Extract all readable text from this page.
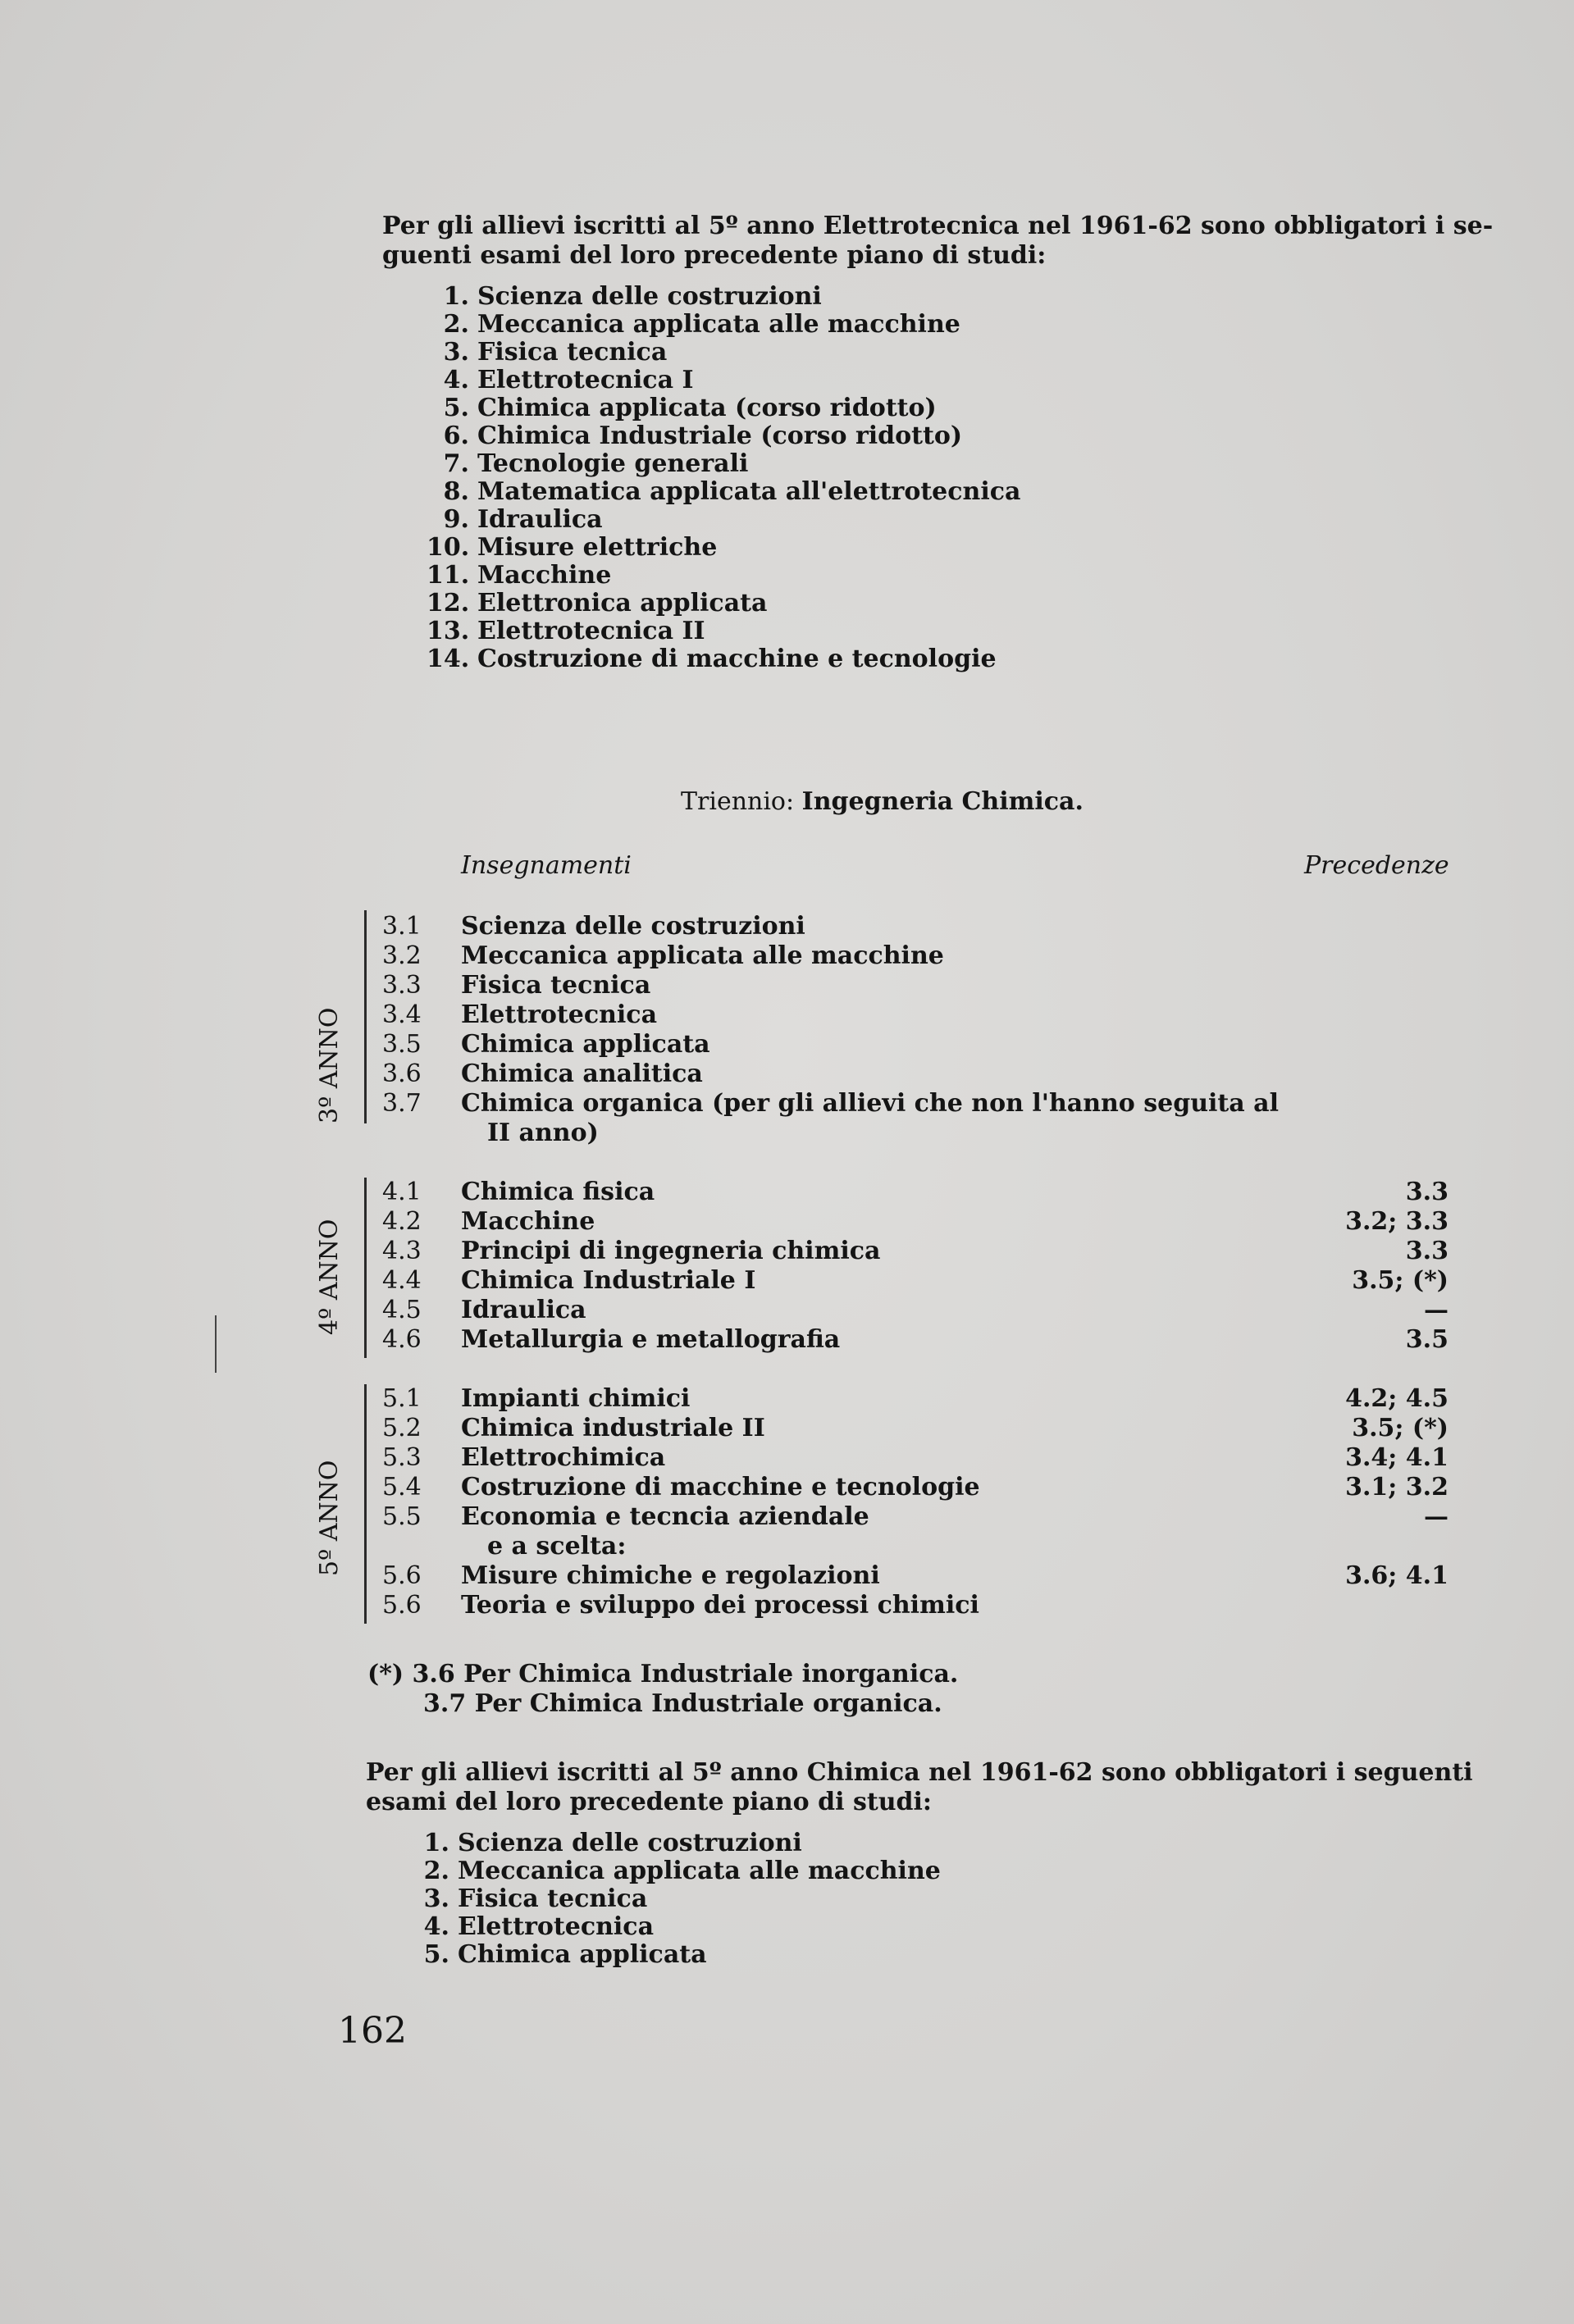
Per gli allievi iscritti al 5º anno Elettrotecnica nel 1961-62 sono obbligatori i se-
guenti esami del loro precedente piano di studi:
1. Scienza delle costruzioni
2. Meccanica applicata alle macchine
3. Fisica tecnica
4. Elettrotecnica I
5. Chimica applicata (corso ridotto)
6. Chimica Industriale (corso ridotto)
7. Tecnologie generali
8. Matematica applicata all'elettrotecnica
9. Idraulica
10. Misure elettriche
11. Macchine
12. Elettronica applicata
13. Elettrotecnica II
14. Costruzione di macchine e tecnologie
Triennio: Ingegneria Chimica.
Insegnamenti	Precedenze
3º ANNO
3.1 Scienza delle costruzioni
3.2 Meccanica applicata alle macchine
3.3 Fisica tecnica
3.4 Elettrotecnica
3.5 Chimica applicata
3.6 Chimica analitica
3.7 Chimica organica (per gli allievi che non l'hanno seguita al
II anno)
4º ANNO
4.1 Chimica fisica	3.3
4.2 Macchine	3.2; 3.3
4.3 Principi di ingegneria chimica	3.3
4.4 Chimica Industriale I	3.5; (*)
4.5 Idraulica	—
4.6 Metallurgia e metallografia	3.5
5º ANNO
5.1 Impianti chimici	4.2; 4.5
5.2 Chimica industriale II	3.5; (*)
5.3 Elettrochimica	3.4; 4.1
5.4 Costruzione di macchine e tecnologie	3.1; 3.2
5.5 Economia e tecncia aziendale	—
e a scelta:
5.6 Misure chimiche e regolazioni	3.6; 4.1
5.6 Teoria e sviluppo dei processi chimici
(*) 3.6 Per Chimica Industriale inorganica.
3.7 Per Chimica Industriale organica.
Per gli allievi iscritti al 5º anno Chimica nel 1961-62 sono obbligatori i seguenti
esami del loro precedente piano di studi:
1. Scienza delle costruzioni
2. Meccanica applicata alle macchine
3. Fisica tecnica
4. Elettrotecnica
5. Chimica applicata
162
